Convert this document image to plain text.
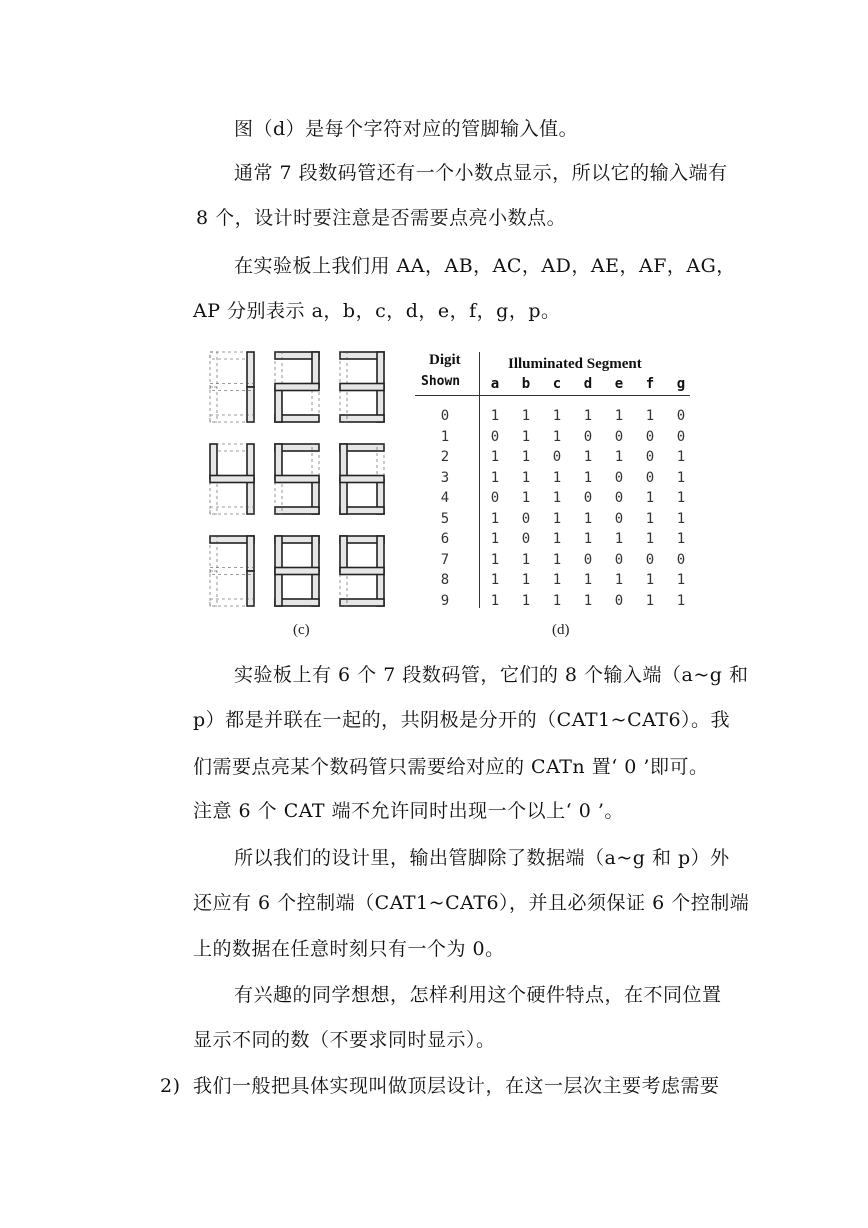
图（d）是每个字符对应的管脚输入值。
通常 7 段数码管还有一个小数点显示，所以它的输入端有
8 个，设计时要注意是否需要点亮小数点。
在实验板上我们用 AA，AB，AC，AD，AE，AF，AG，
AP 分别表示 a，b，c，d，e，f，g，p。
(c)
Digit
Shown
Illuminated Segment
a	b	c	d	e	f	g
0	1	1	1	1	1	1	0
1	0	1	1	0	0	0	0
2	1	1	0	1	1	0	1
3	1	1	1	1	0	0	1
4	0	1	1	0	0	1	1
5	1	0	1	1	0	1	1
6	1	0	1	1	1	1	1
7	1	1	1	0	0	0	0
8	1	1	1	1	1	1	1
9	1	1	1	1	0	1	1
(d)
实验板上有 6 个 7 段数码管，它们的 8 个输入端（a~g 和
p）都是并联在一起的，共阴极是分开的（CAT1~CAT6）。我
们需要点亮某个数码管只需要给对应的 CATn 置‘ 0 ’即可。
注意 6 个 CAT 端不允许同时出现一个以上‘ 0 ’。
所以我们的设计里，输出管脚除了数据端（a~g 和 p）外
还应有 6 个控制端（CAT1~CAT6），并且必须保证 6 个控制端
上的数据在任意时刻只有一个为 0。
有兴趣的同学想想，怎样利用这个硬件特点，在不同位置
显示不同的数（不要求同时显示）。
2) 我们一般把具体实现叫做顶层设计，在这一层次主要考虑需要
